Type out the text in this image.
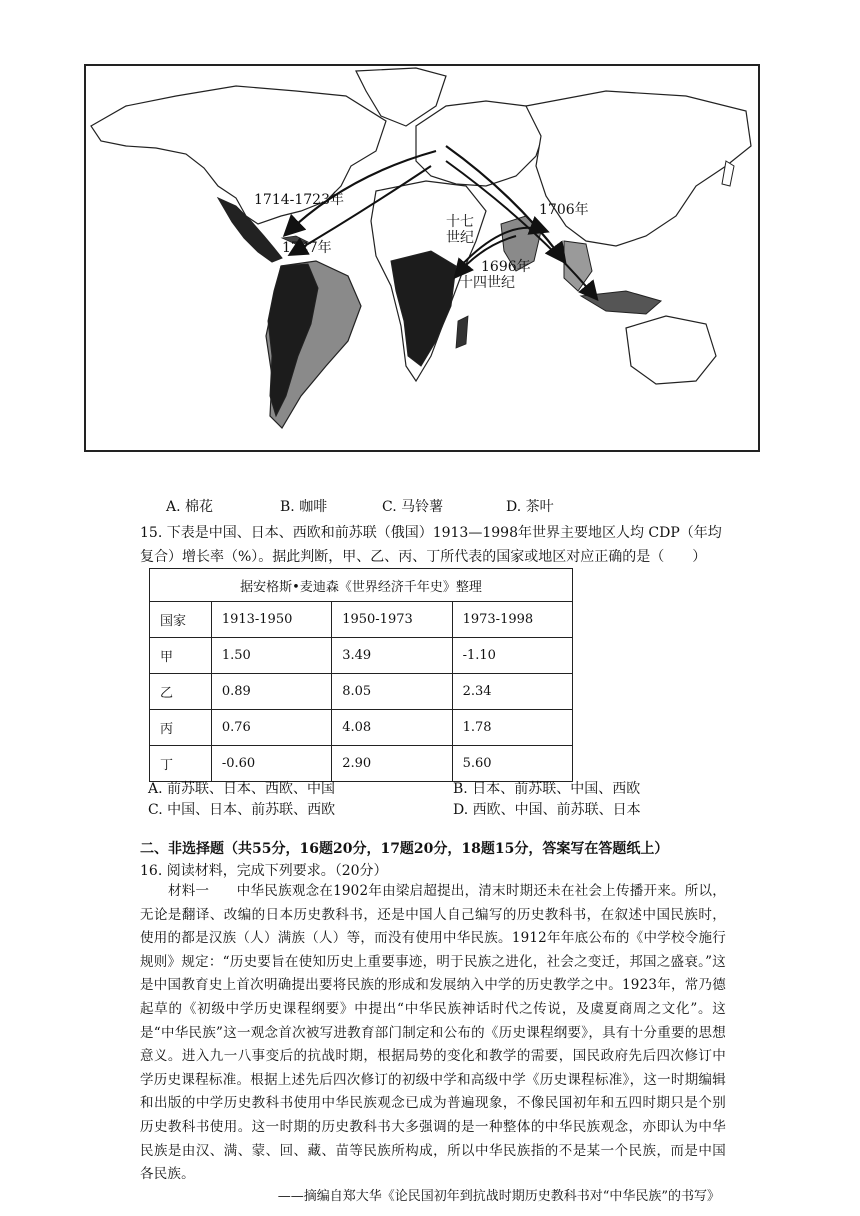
1714-1723年
1727年
十七
世纪
1706年
1696年
十四世纪
A. 棉花	B. 咖啡	C. 马铃薯	D. 茶叶

15. 下表是中国、日本、西欧和前苏联（俄国）1913—1998年世界主要地区人均 CDP（年均复合）增长率（%）。据此判断，甲、乙、丙、丁所代表的国家或地区对应正确的是（　　）

据安格斯•麦迪森《世界经济千年史》整理			
国家	1913-1950	1950-1973	1973-1998
甲	1.50	3.49	-1.10
乙	0.89	8.05	2.34
丙	0.76	4.08	1.78
丁	-0.60	2.90	5.60
A. 前苏联、日本、西欧、中国	B. 日本、前苏联、中国、西欧
C. 中国、日本、前苏联、西欧	D. 西欧、中国、前苏联、日本

二、非选择题（共55分，16题20分，17题20分，18题15分，答案写在答题纸上）

16. 阅读材料，完成下列要求。（20分）

材料一　　中华民族观念在1902年由梁启超提出，清末时期还未在社会上传播开来。所以，无论是翻译、改编的日本历史教科书，还是中国人自己编写的历史教科书，在叙述中国民族时，使用的都是汉族（人）满族（人）等，而没有使用中华民族。1912年年底公布的《中学校令施行规则》规定：“历史要旨在使知历史上重要事迹，明于民族之进化，社会之变迁，邦国之盛衰。”这是中国教育史上首次明确提出要将民族的形成和发展纳入中学的历史教学之中。1923年，常乃德起草的《初级中学历史课程纲要》中提出“中华民族神话时代之传说，及虞夏商周之文化”。这是“中华民族”这一观念首次被写进教育部门制定和公布的《历史课程纲要》，具有十分重要的思想意义。进入九一八事变后的抗战时期，根据局势的变化和教学的需要，国民政府先后四次修订中学历史课程标准。根据上述先后四次修订的初级中学和高级中学《历史课程标准》，这一时期编辑和出版的中学历史教科书使用中华民族观念已成为普遍现象，不像民国初年和五四时期只是个别历史教科书使用。这一时期的历史教科书大多强调的是一种整体的中华民族观念，亦即认为中华民族是由汉、满、蒙、回、藏、苗等民族所构成，所以中华民族指的不是某一个民族，而是中国各民族。

——摘编自郑大华《论民国初年到抗战时期历史教科书对“中华民族”的书写》
